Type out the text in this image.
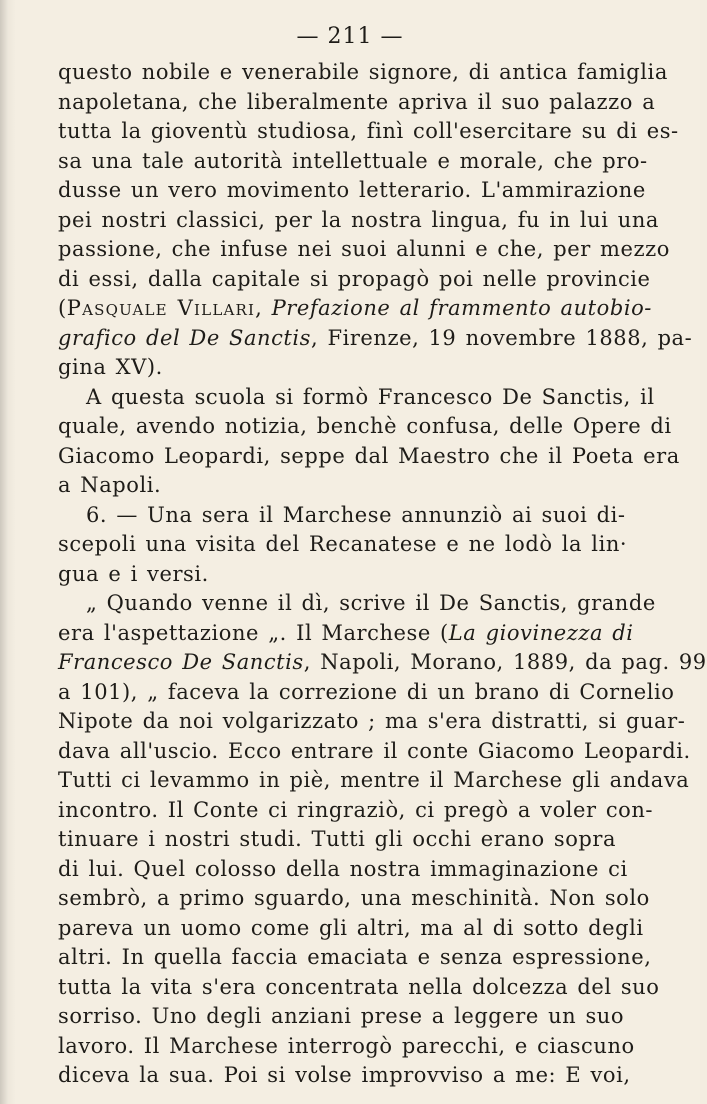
— 211 —
questo nobile e venerabile signore, di antica famiglia
napoletana, che liberalmente apriva il suo palazzo a
tutta la gioventù studiosa, finì coll'esercitare su di es-
sa una tale autorità intellettuale e morale, che pro-
dusse un vero movimento letterario. L'ammirazione
pei nostri classici, per la nostra lingua, fu in lui una
passione, che infuse nei suoi alunni e che, per mezzo
di essi, dalla capitale si propagò poi nelle provincie
(Pasquale Villari, Prefazione al frammento autobio-
grafico del De Sanctis, Firenze, 19 novembre 1888, pa-
gina XV).
A questa scuola si formò Francesco De Sanctis, il
quale, avendo notizia, benchè confusa, delle Opere di
Giacomo Leopardi, seppe dal Maestro che il Poeta era
a Napoli.
6. — Una sera il Marchese annunziò ai suoi di-
scepoli una visita del Recanatese e ne lodò la lin·
gua e i versi.
„ Quando venne il dì, scrive il De Sanctis, grande
era l'aspettazione „. Il Marchese (La giovinezza di
Francesco De Sanctis, Napoli, Morano, 1889, da pag. 99
a 101), „ faceva la correzione di un brano di Cornelio
Nipote da noi volgarizzato ; ma s'era distratti, si guar-
dava all'uscio. Ecco entrare il conte Giacomo Leopardi.
Tutti ci levammo in piè, mentre il Marchese gli andava
incontro. Il Conte ci ringraziò, ci pregò a voler con-
tinuare i nostri studi. Tutti gli occhi erano sopra
di lui. Quel colosso della nostra immaginazione ci
sembrò, a primo sguardo, una meschinità. Non solo
pareva un uomo come gli altri, ma al di sotto degli
altri. In quella faccia emaciata e senza espressione,
tutta la vita s'era concentrata nella dolcezza del suo
sorriso. Uno degli anziani prese a leggere un suo
lavoro. Il Marchese interrogò parecchi, e ciascuno
diceva la sua. Poi si volse improvviso a me: E voi,
